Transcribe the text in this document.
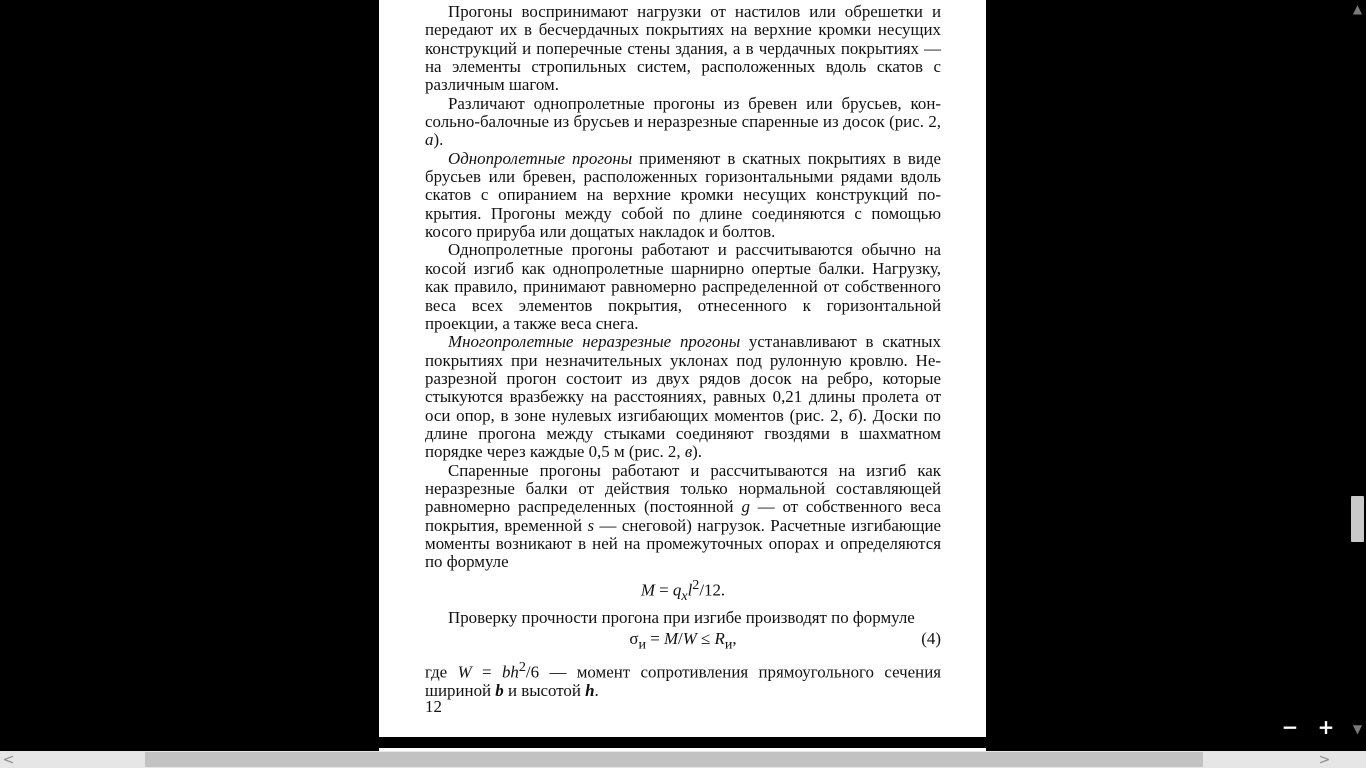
Прогоны воспринимают нагрузки от настилов или обрешетки и передают их в бесчердачных покрытиях на верхние кромки несущих конструкций и поперечные стены здания, а в чердачных покрытиях — на элементы стропильных систем, расположенных вдоль скатов с различным шагом.

Различают однопролетные прогоны из бревен или брусьев, консольно-балочные из брусьев и неразрезные спаренные из досок (рис. 2, а).

Однопролетные прогоны применяют в скатных покрытиях в виде брусьев или бревен, расположенных горизонтальными рядами вдоль скатов с опиранием на верхние кромки несущих конструкций покрытия. Прогоны между собой по длине соединяются с помощью косого прируба или дощатых накладок и болтов.

Однопролетные прогоны работают и рассчитываются обычно на косой изгиб как однопролетные шарнирно опертые балки. Нагрузку, как правило, принимают равномерно распределенной от собственного веса всех элементов покрытия, отнесенного к горизонтальной проекции, а также веса снега.

Многопролетные неразрезные прогоны устанавливают в скатных покрытиях при незначительных уклонах под рулонную кровлю. Неразрезной прогон состоит из двух рядов досок на ребро, которые стыкуются вразбежку на расстояниях, равных 0,21 длины пролета от оси опор, в зоне нулевых изгибающих моментов (рис. 2, б). Доски по длине прогона между стыками соединяют гвоздями в шахматном порядке через каждые 0,5 м (рис. 2, в).

Спаренные прогоны работают и рассчитываются на изгиб как неразрезные балки от действия только нормальной составляющей равномерно распределенных (постоянной g — от собственного веса покрытия, временной s — снеговой) нагрузок. Расчетные изгибающие моменты возникают в ней на промежуточных опорах и определяются по формуле

$M = q_xl^2/12$.

Проверку прочности прогона при изгибе производят по формуле

$\sigma_и = M/W \le R_и$,	(4)

где $W = bh^2/6$ — момент сопротивления прямоугольного сечения шириной b и высотой h.

12
− +
▲
▼
<	>
